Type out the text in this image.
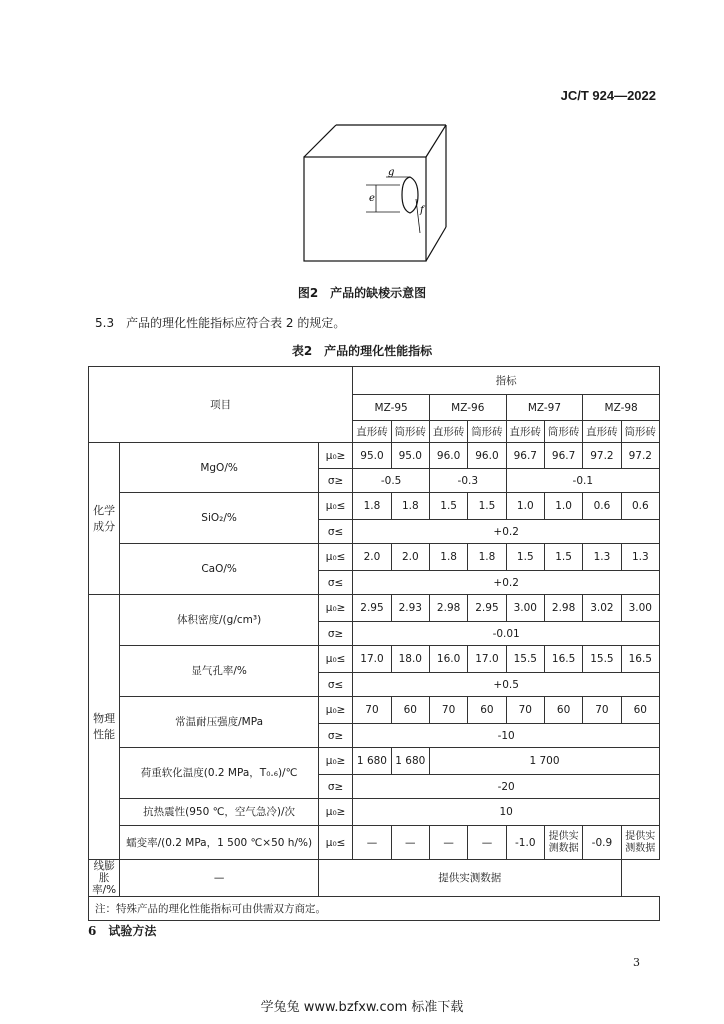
JC/T 924—2022
g
e
f
图2　产品的缺棱示意图
5.3 产品的理化性能指标应符合表 2 的规定。
表2　产品的理化性能指标
项目			指标							
			MZ-95		MZ-96		MZ-97		MZ-98	
			直形砖	筒形砖	直形砖	筒形砖	直形砖	筒形砖	直形砖	筒形砖
化学成分	MgO/%	μ₀≥	95.0	95.0	96.0	96.0	96.7	96.7	97.2	97.2
		σ≥	-0.5		-0.3		-0.1			
	SiO₂/%	μ₀≤	1.8	1.8	1.5	1.5	1.0	1.0	0.6	0.6
		σ≤	+0.2							
	CaO/%	μ₀≤	2.0	2.0	1.8	1.8	1.5	1.5	1.3	1.3
		σ≤	+0.2							
物理性能	体积密度/(g/cm³)	μ₀≥	2.95	2.93	2.98	2.95	3.00	2.98	3.02	3.00
		σ≥	-0.01							
	显气孔率/%	μ₀≤	17.0	18.0	16.0	17.0	15.5	16.5	15.5	16.5
		σ≤	+0.5							
	常温耐压强度/MPa	μ₀≥	70	60	70	60	70	60	70	60
		σ≥	-10							
	荷重软化温度(0.2 MPa，T₀.₆)/℃	μ₀≥	1 680	1 680	1 700					
		σ≥	-20							
	抗热震性(950 ℃，空气急冷)/次	μ₀≥	10							
	蠕变率/(0.2 MPa，1 500 ℃×50 h/%)	μ₀≤	—	—	—	—	-1.0	提供实测数据	-0.9	提供实测数据
线膨胀率/%	—	提供实测数据								
注：特殊产品的理化性能指标可由供需双方商定。										
6 试验方法
3
学兔兔 www.bzfxw.com 标准下载
